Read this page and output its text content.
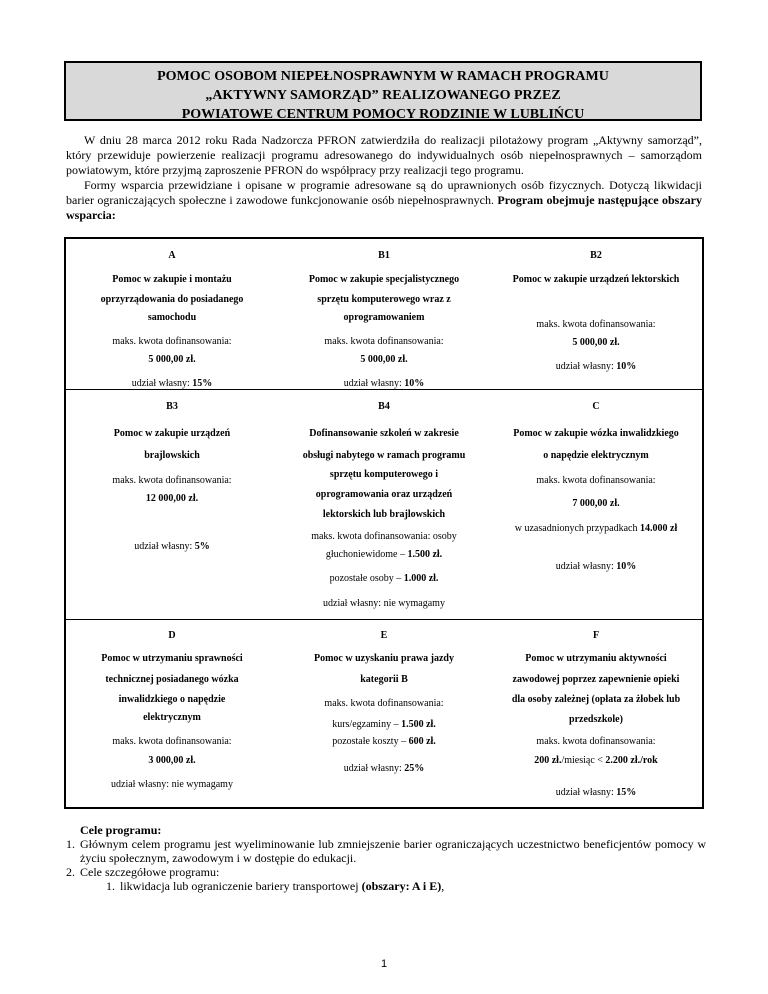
POMOC OSOBOM NIEPEŁNOSPRAWNYM W RAMACH PROGRAMU
„AKTYWNY SAMORZĄD” REALIZOWANEGO PRZEZ
POWIATOWE CENTRUM POMOCY RODZINIE W LUBLIŃCU

W dniu 28 marca 2012 roku Rada Nadzorcza PFRON zatwierdziła do realizacji pilotażowy program „Aktywny samorząd”, który przewiduje powierzenie realizacji programu adresowanego do indywidualnych osób niepełnosprawnych – samorządom powiatowym, które przyjmą zaproszenie PFRON do współpracy przy realizacji tego programu.

Formy wsparcia przewidziane i opisane w programie adresowane są do uprawnionych osób fizycznych. Dotyczą likwidacji barier ograniczających społeczne i zawodowe funkcjonowanie osób niepełnosprawnych. Program obejmuje następujące obszary wsparcia:

A
Pomoc w zakupie i montażu
oprzyrządowania do posiadanego
samochodu
maks. kwota dofinansowania:
5 000,00 zł.
udział własny: 15%
B1
Pomoc w zakupie specjalistycznego
sprzętu komputerowego wraz z
oprogramowaniem
maks. kwota dofinansowania:
5 000,00 zł.
udział własny: 10%
B2
Pomoc w zakupie urządzeń lektorskich
maks. kwota dofinansowania:
5 000,00 zł.
udział własny: 10%
B3
Pomoc w zakupie urządzeń
brajlowskich
maks. kwota dofinansowania:
12 000,00 zł.
udział własny: 5%
B4
Dofinansowanie szkoleń w zakresie
obsługi nabytego w ramach programu
sprzętu komputerowego i
oprogramowania oraz urządzeń
lektorskich lub brajlowskich
maks. kwota dofinansowania: osoby
głuchoniewidome – 1.500 zł.
pozostałe osoby – 1.000 zł.
udział własny: nie wymagamy
C
Pomoc w zakupie wózka inwalidzkiego
o napędzie elektrycznym
maks. kwota dofinansowania:
7 000,00 zł.
w uzasadnionych przypadkach 14.000 zł
udział własny: 10%
D
Pomoc w utrzymaniu sprawności
technicznej posiadanego wózka
inwalidzkiego o napędzie
elektrycznym
maks. kwota dofinansowania:
3 000,00 zł.
udział własny: nie wymagamy
E
Pomoc w uzyskaniu prawa jazdy
kategorii B
maks. kwota dofinansowania:
kurs/egzaminy – 1.500 zł.
pozostałe koszty – 600 zł.
udział własny: 25%
F
Pomoc w utrzymaniu aktywności
zawodowej poprzez zapewnienie opieki
dla osoby zależnej (opłata za żłobek lub
przedszkole)
maks. kwota dofinansowania:
200 zł./miesiąc < 2.200 zł./rok
udział własny: 15%
Cele programu:
1. Głównym celem programu jest wyeliminowanie lub zmniejszenie barier ograniczających uczestnictwo beneficjentów pomocy w życiu społecznym, zawodowym i w dostępie do edukacji.
2. Cele szczegółowe programu:
1. likwidacja lub ograniczenie bariery transportowej (obszary: A i E),
1
